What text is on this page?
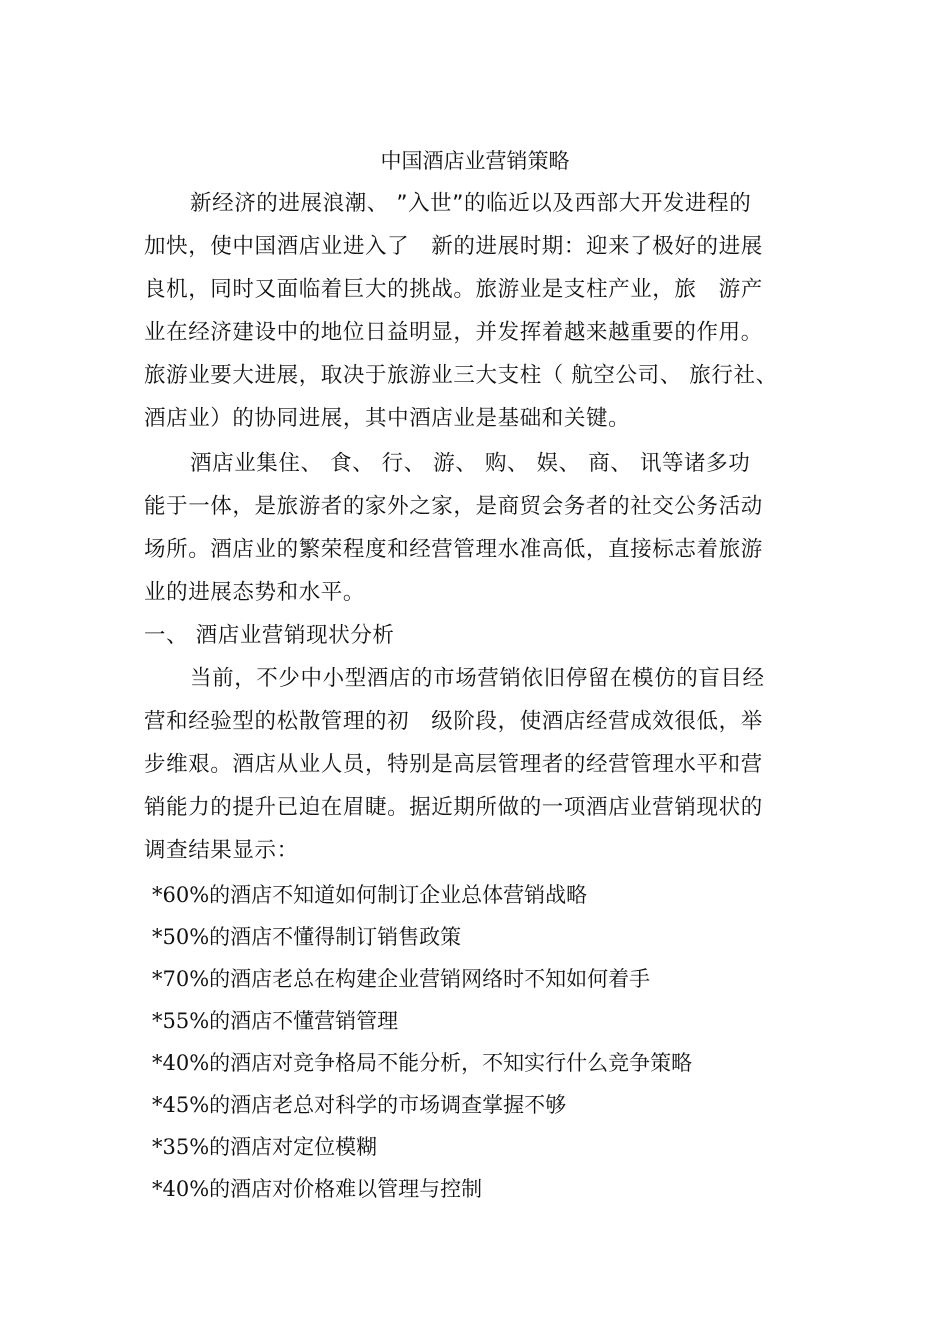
中国酒店业营销策略
新经济的进展浪潮、 ”入世”的临近以及西部大开发进程的
加快，使中国酒店业进入了　新的进展时期：迎来了极好的进展
良机，同时又面临着巨大的挑战。旅游业是支柱产业，旅　游产
业在经济建设中的地位日益明显，并发挥着越来越重要的作用。
旅游业要大进展，取决于旅游业三大支柱（ 航空公司、 旅行社、
酒店业）的协同进展，其中酒店业是基础和关键。
酒店业集住、 食、 行、 游、 购、 娱、 商、 讯等诸多功
能于一体，是旅游者的家外之家，是商贸会务者的社交公务活动
场所。酒店业的繁荣程度和经营管理水准高低，直接标志着旅游
业的进展态势和水平。
一、 酒店业营销现状分析
当前，不少中小型酒店的市场营销依旧停留在模仿的盲目经
营和经验型的松散管理的初　级阶段，使酒店经营成效很低，举
步维艰。酒店从业人员，特别是高层管理者的经营管理水平和营
销能力的提升已迫在眉睫。据近期所做的一项酒店业营销现状的
调查结果显示：
*60%的酒店不知道如何制订企业总体营销战略
*50%的酒店不懂得制订销售政策
*70%的酒店老总在构建企业营销网络时不知如何着手
*55%的酒店不懂营销管理
*40%的酒店对竞争格局不能分析，不知实行什么竞争策略
*45%的酒店老总对科学的市场调查掌握不够
*35%的酒店对定位模糊
*40%的酒店对价格难以管理与控制
